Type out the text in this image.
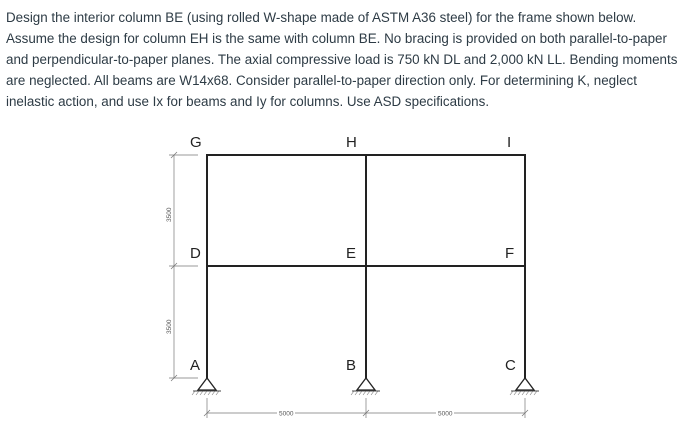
Design the interior column BE (using rolled W-shape made of ASTM A36 steel) for the frame shown below.
Assume the design for column EH is the same with column BE. No bracing is provided on both parallel-to-paper
and perpendicular-to-paper planes. The axial compressive load is 750 kN DL and 2,000 kN LL. Bending moments
are neglected. All beams are W14x68. Consider parallel-to-paper direction only. For determining K, neglect
inelastic action, and use Ix for beams and Iy for columns. Use ASD specifications.
G	H	I
D	E	F
A	B	C
3500
3500
5000	5000
